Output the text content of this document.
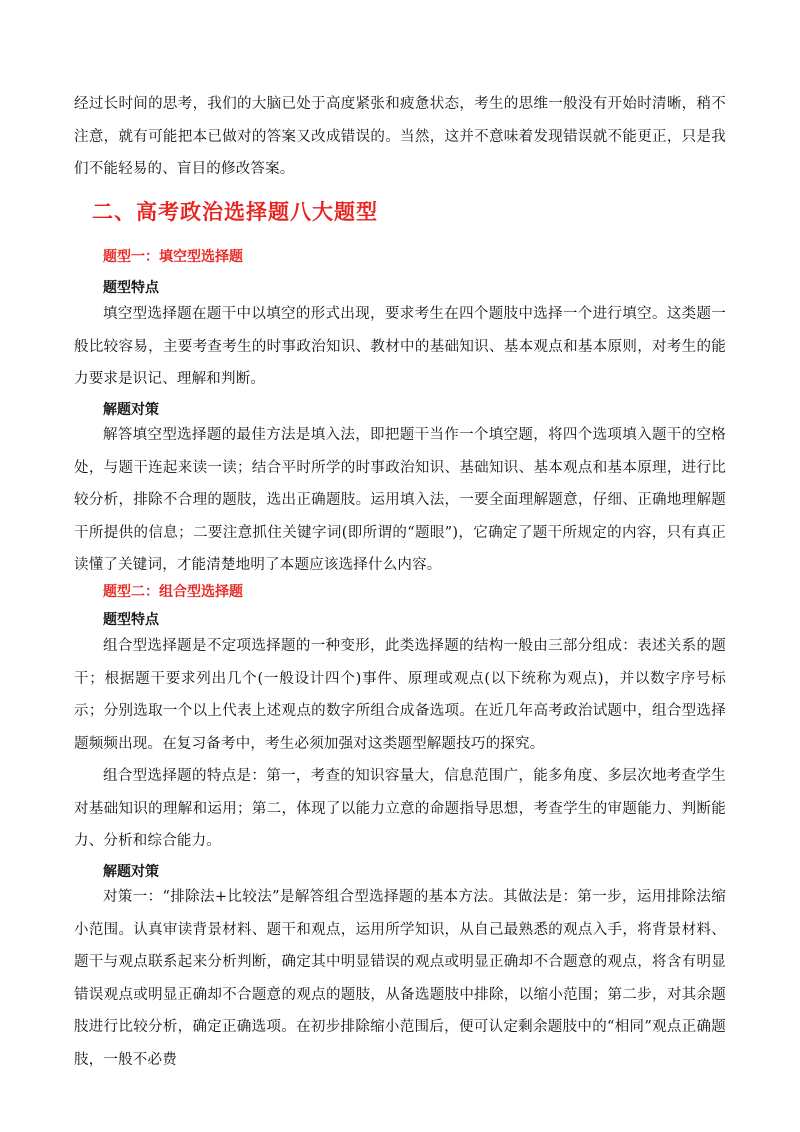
经过长时间的思考，我们的大脑已处于高度紧张和疲惫状态，考生的思维一般没有开始时清晰，稍不注意，就有可能把本已做对的答案又改成错误的。当然，这并不意味着发现错误就不能更正，只是我们不能轻易的、盲目的修改答案。

二、高考政治选择题八大题型
题型一：填空型选择题
题型特点

填空型选择题在题干中以填空的形式出现，要求考生在四个题肢中选择一个进行填空。这类题一般比较容易，主要考查考生的时事政治知识、教材中的基础知识、基本观点和基本原则，对考生的能力要求是识记、理解和判断。

解题对策

解答填空型选择题的最佳方法是填入法，即把题干当作一个填空题，将四个选项填入题干的空格处，与题干连起来读一读；结合平时所学的时事政治知识、基础知识、基本观点和基本原理，进行比较分析，排除不合理的题肢，选出正确题肢。运用填入法，一要全面理解题意，仔细、正确地理解题干所提供的信息；二要注意抓住关键字词(即所谓的“题眼”)，它确定了题干所规定的内容，只有真正读懂了关键词，才能清楚地明了本题应该选择什么内容。

题型二：组合型选择题
题型特点

组合型选择题是不定项选择题的一种变形，此类选择题的结构一般由三部分组成：表述关系的题干；根据题干要求列出几个(一般设计四个)事件、原理或观点(以下统称为观点)，并以数字序号标示；分别选取一个以上代表上述观点的数字所组合成备选项。在近几年高考政治试题中，组合型选择题频频出现。在复习备考中，考生必须加强对这类题型解题技巧的探究。

组合型选择题的特点是：第一，考查的知识容量大，信息范围广，能多角度、多层次地考查学生对基础知识的理解和运用；第二，体现了以能力立意的命题指导思想，考查学生的审题能力、判断能力、分析和综合能力。

解题对策

对策一：“排除法+比较法”是解答组合型选择题的基本方法。其做法是：第一步，运用排除法缩小范围。认真审读背景材料、题干和观点，运用所学知识，从自己最熟悉的观点入手，将背景材料、题干与观点联系起来分析判断，确定其中明显错误的观点或明显正确却不合题意的观点，将含有明显错误观点或明显正确却不合题意的观点的题肢，从备选题肢中排除，以缩小范围；第二步，对其余题肢进行比较分析，确定正确选项。在初步排除缩小范围后，便可认定剩余题肢中的“相同”观点正确题肢，一般不必费
